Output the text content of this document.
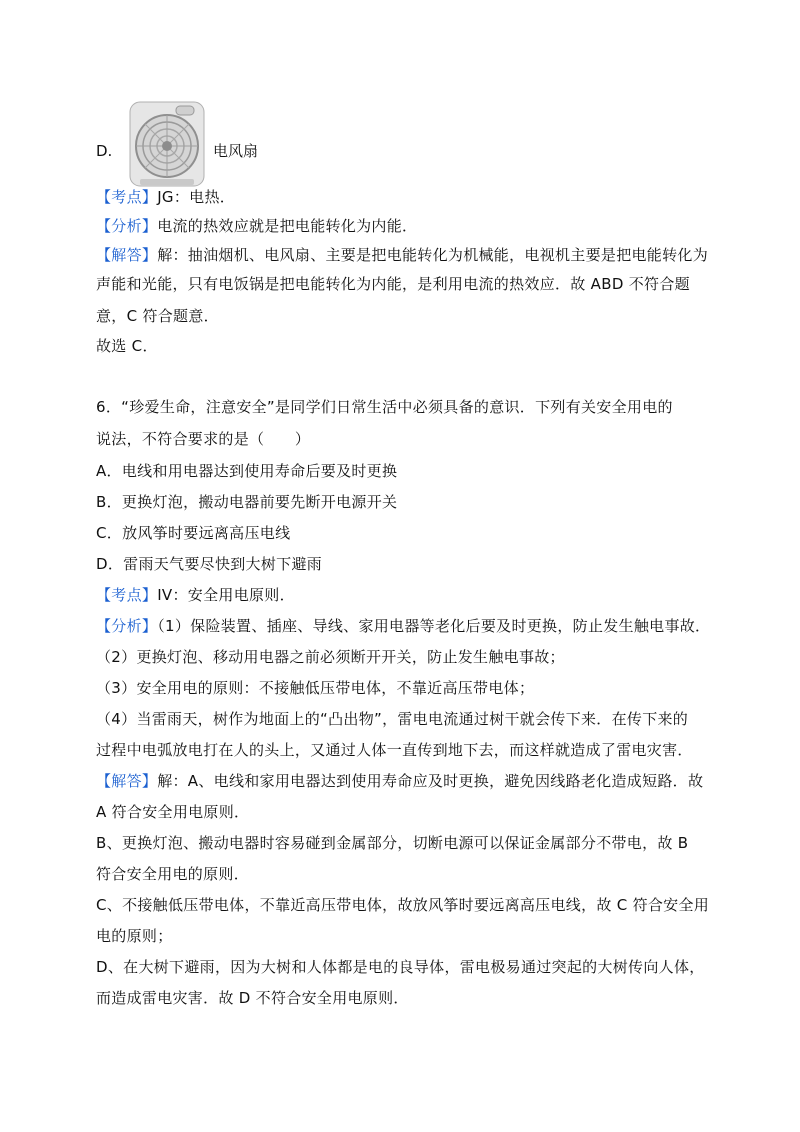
D.	电风扇
【考点】JG：电热．
【分析】电流的热效应就是把电能转化为内能．
【解答】解：抽油烟机、电风扇、主要是把电能转化为机械能，电视机主要是把电能转化为
声能和光能，只有电饭锅是把电能转化为内能，是利用电流的热效应．故 ABD 不符合题
意，C 符合题意．
故选 C．
6．“珍爱生命，注意安全”是同学们日常生活中必须具备的意识．下列有关安全用电的
说法，不符合要求的是（　　）
A．电线和用电器达到使用寿命后要及时更换
B．更换灯泡，搬动电器前要先断开电源开关
C．放风筝时要远离高压电线
D．雷雨天气要尽快到大树下避雨
【考点】IV：安全用电原则．
【分析】（1）保险装置、插座、导线、家用电器等老化后要及时更换，防止发生触电事故．
（2）更换灯泡、移动用电器之前必须断开开关，防止发生触电事故；
（3）安全用电的原则：不接触低压带电体，不靠近高压带电体；
（4）当雷雨天，树作为地面上的“凸出物”，雷电电流通过树干就会传下来．在传下来的
过程中电弧放电打在人的头上，又通过人体一直传到地下去，而这样就造成了雷电灾害．
【解答】解：A、电线和家用电器达到使用寿命应及时更换，避免因线路老化造成短路．故
A 符合安全用电原则．
B、更换灯泡、搬动电器时容易碰到金属部分，切断电源可以保证金属部分不带电，故 B
符合安全用电的原则．
C、不接触低压带电体，不靠近高压带电体，故放风筝时要远离高压电线，故 C 符合安全用
电的原则；
D、在大树下避雨，因为大树和人体都是电的良导体，雷电极易通过突起的大树传向人体，
而造成雷电灾害．故 D 不符合安全用电原则．
